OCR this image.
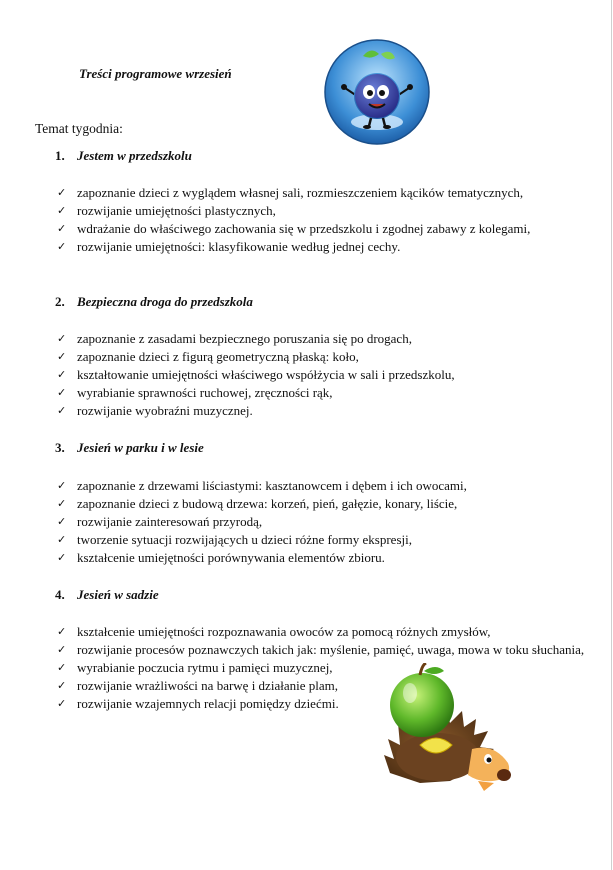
Treści programowe wrzesień
Temat tygodnia:
1. Jestem w przedszkolu
✓ zapoznanie dzieci z wyglądem własnej sali, rozmieszczeniem kącików tematycznych,
✓ rozwijanie umiejętności plastycznych,
✓ wdrażanie do właściwego zachowania się w przedszkolu i zgodnej zabawy z kolegami,
✓ rozwijanie umiejętności: klasyfikowanie według jednej cechy.
2. Bezpieczna droga do przedszkola
✓ zapoznanie z zasadami bezpiecznego poruszania się po drogach,
✓ zapoznanie dzieci z figurą geometryczną płaską: koło,
✓ kształtowanie umiejętności właściwego współżycia w sali i przedszkolu,
✓ wyrabianie sprawności ruchowej, zręczności rąk,
✓ rozwijanie wyobraźni muzycznej.
3. Jesień w parku i w lesie
✓ zapoznanie z drzewami liściastymi: kasztanowcem i dębem i ich owocami,
✓ zapoznanie dzieci z budową drzewa: korzeń, pień, gałęzie, konary, liście,
✓ rozwijanie zainteresowań przyrodą,
✓ tworzenie sytuacji rozwijających u dzieci różne formy ekspresji,
✓ kształcenie umiejętności porównywania elementów zbioru.
4. Jesień w sadzie
✓ kształcenie umiejętności rozpoznawania owoców za pomocą różnych zmysłów,
✓ rozwijanie procesów poznawczych takich jak: myślenie, pamięć, uwaga, mowa w toku słuchania,
✓ wyrabianie poczucia rytmu i pamięci muzycznej,
✓ rozwijanie wrażliwości na barwę i działanie plam,
✓ rozwijanie wzajemnych relacji pomiędzy dziećmi.
